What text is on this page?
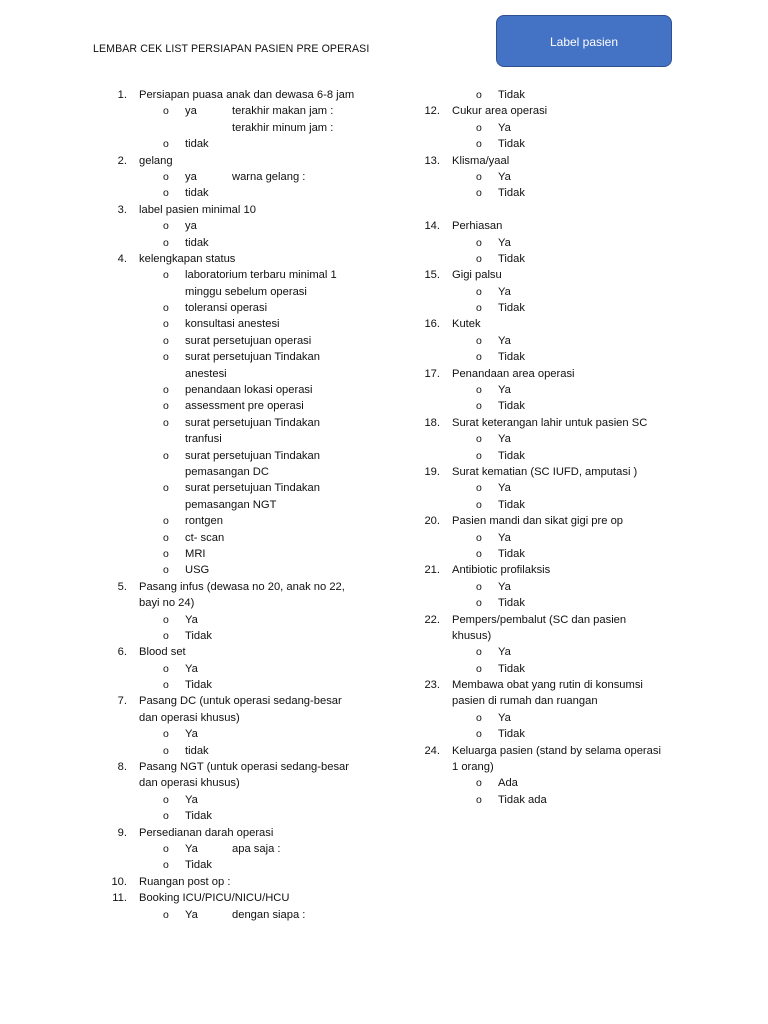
LEMBAR CEK LIST PERSIAPAN PASIEN PRE OPERASI	Label pasien
1. Persiapan puasa anak dan dewasa 6-8 jam
o ya	terakhir makan jam :
terakhir minum jam :
o tidak
2. gelang
o ya	warna gelang :
o tidak
3. label pasien minimal 10
o ya
o tidak
4. kelengkapan status
o laboratorium terbaru minimal 1
minggu sebelum operasi
o toleransi operasi
o konsultasi anestesi
o surat persetujuan operasi
o surat persetujuan Tindakan
anestesi
o penandaan lokasi operasi
o assessment pre operasi
o surat persetujuan Tindakan
tranfusi
o surat persetujuan Tindakan
pemasangan DC
o surat persetujuan Tindakan
pemasangan NGT
o rontgen
o ct- scan
o MRI
o USG
5. Pasang infus (dewasa no 20, anak no 22,
bayi no 24)
o Ya
o Tidak
6. Blood set
o Ya
o Tidak
7. Pasang DC (untuk operasi sedang-besar
dan operasi khusus)
o Ya
o tidak
8. Pasang NGT (untuk operasi sedang-besar
dan operasi khusus)
o Ya
o Tidak
9. Persedianan darah operasi
o Ya	apa saja :
o Tidak
10. Ruangan post op :
11. Booking ICU/PICU/NICU/HCU
o Ya	dengan siapa :
o Tidak
12. Cukur area operasi
o Ya
o Tidak
13. Klisma/yaal
o Ya
o Tidak
14. Perhiasan
o Ya
o Tidak
15. Gigi palsu
o Ya
o Tidak
16. Kutek
o Ya
o Tidak
17. Penandaan area operasi
o Ya
o Tidak
18. Surat keterangan lahir untuk pasien SC
o Ya
o Tidak
19. Surat kematian (SC IUFD, amputasi )
o Ya
o Tidak
20. Pasien mandi dan sikat gigi pre op
o Ya
o Tidak
21. Antibiotic profilaksis
o Ya
o Tidak
22. Pempers/pembalut (SC dan pasien
khusus)
o Ya
o Tidak
23. Membawa obat yang rutin di konsumsi
pasien di rumah dan ruangan
o Ya
o Tidak
24. Keluarga pasien (stand by selama operasi
1 orang)
o Ada
o Tidak ada
